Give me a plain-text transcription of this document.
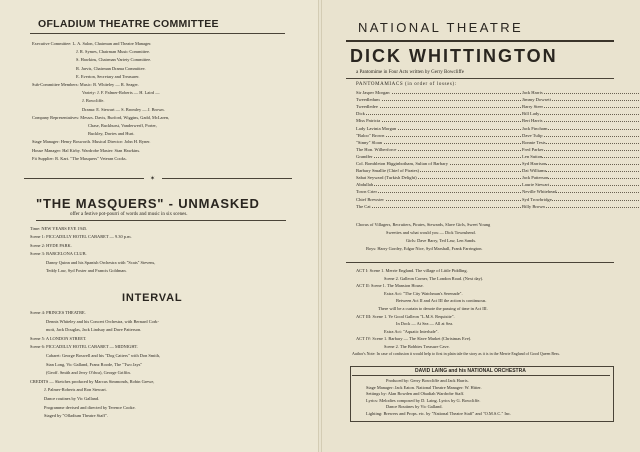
OFLADIUM THEATRE COMMITTEE
Executive Committee: L. A. Salon, Chairman and Theatre Manager.
J. R. Symes, Chairman Music Committee.
S. Hawkins, Chairman Variety Committee.
R. Jarvis, Chairman Drama Committee.
E. Everton, Secretary and Treasurer.
Sub-Committee Members: Music: B. Whiteley — R. Seager.
Variety: J. F. Palmer-Roberts — H. Laird —
J. Bowcliffe.
Drama: E. Stewart — S. Bromley — J. Brown.
Company Representatives: Messrs. Davis, Burford, Wiggins, Gadd, McLaren,
Chase, Buckhurst, Vanderwerff, Porter,
Buckley, Davies and Hurt.
Stage Manager: Henry Bosworth. Musical Director: John H. Ryner.
House Manager: Hal Kirby. Wardrobe Master: Stan Hawkins.
Fit Supplier: R. Kart. "The Masquers" Veteran Cooks.
✶
"THE MASQUERS" - UNMASKED
offer a festive pot-pourri of words and music in six scenes.
Time: NEW YEARS EVE 1945.
Scene 1: PICCADILLY HOTEL CABARET — 9.30 p.m.
Scene 2: HYDE PARK.
Scene 3: BARCELONA CLUB.
Danny Quinn and his Spanish Orchestra with "Scats" Stevens,
Teddy Law, Syd Foster and Francis Goldman.
INTERVAL
Scene 4: PRINCES THEATRE.
Dennis Whiteley and his Concert Orchestra, with Bernard Cork-
mott, Jack Douglas, Jack Lindsay and Dave Patterson.
Scene 5: A LONDON STREET.
Scene 6: PICCADILLY HOTEL CABARET — MIDNIGHT.
Cabaret: George Boswell and his "Dog Catters" with Don Smith,
Stan Long, Vic Galland, Franz Roode, The "Two Jays"
(Geoff. Smith and Jerry O'dwa), George Griffin.
CREDITS — Sketches produced by Marcus Simmonds, Robin Grewe,
J. Palmer-Roberts and Ron Stewart.
Dance routines by Vic Galland.
Programme devised and directed by Terence Cooke.
Staged by "Ofladium Theatre Staff".
NATIONAL THEATRE
DICK WHITTINGTON
a Pantomime in Four Acts written by Gerry Bowcliffe
PANTOMAMIACS (in order of losses):
Sir Jasper Morgan	Jack Harris
Tweedledum	Jimmy Dowsett
Tweedledee	Barry Steer
Dick	Bill Lady
Miss Patricia	Bert Harris
Lady Lavinia Morgan	Jack Fincham
"Baloo" Brown	Dave Tulip
"Sinny" Sloan	Ronnie Tests
The Hon. Wilberforce	Fred Parker
Grandfer	Len Sutton
Col. Bombleton Higginbotham, Sultan of Barbary	Syd Harrison
Barbary Smallie (Chief of Pirates)	Dai Williams
Sabat Seyward (Turkish Delight)	Jack Patterson
Abdullah	Laurie Stewart
Town Crier	Neville Whitehead
Chief Brewster	Syd Trowbridge
The Cat	Billy Brown
Chorus of Villagers, Recruiters, Pirates, Stewards, Slave Girls, Sweet Young
Sweeties and what would you — Dick Townshend.
Girls: Dave Barry, Ted Law, Len Sands.
Boys: Harry Gordey, Edgar Nice, Syd Marshall, Frank Farrington.
ACT I: Scene 1. Merrie England. The village of Little Piddling.
Scene 2. Galleon Corner, The London Road. (Next day).
ACT II: Scene 1. The Mansion House.
Extra Act: "The City Watchman's Serenade".
Between Act II and Act III the action is continuous.
There will be a curtain to denote the passing of time in Act III.
ACT III: Scene 1. Ye Good Galleon "L.M.S. Requisite".
In Dock — At Sea — All at Sea.
Extra Act: "Aquatic Interlude".
ACT IV: Scene 1. Barbary — The Slave Market (Christmas Eve).
Scene 2. The Bobbies Treasure Cave.
Author's Note: In case of confusion it would help to first in plain tale the story as it is in the Merrie England of Good Queen Bess.
DAVID LAING and his NATIONAL ORCHESTRA
Produced by: Gerry Bowcliffe and Jack Harris.
Stage Manager: Jack Eaton. National Theatre Manager: W. Hitter.
Settings by: Alan Bowden and Obadiah Wardrobe Staff.
Lyrics: Melodies composed by D. Laing. Lyrics by G. Bowcliffe.
Dance Routines by Vic Galland.
Lighting: Brewers and Props. etc. by "National Theatre Staff" and "O.M.S.C." Inc.
